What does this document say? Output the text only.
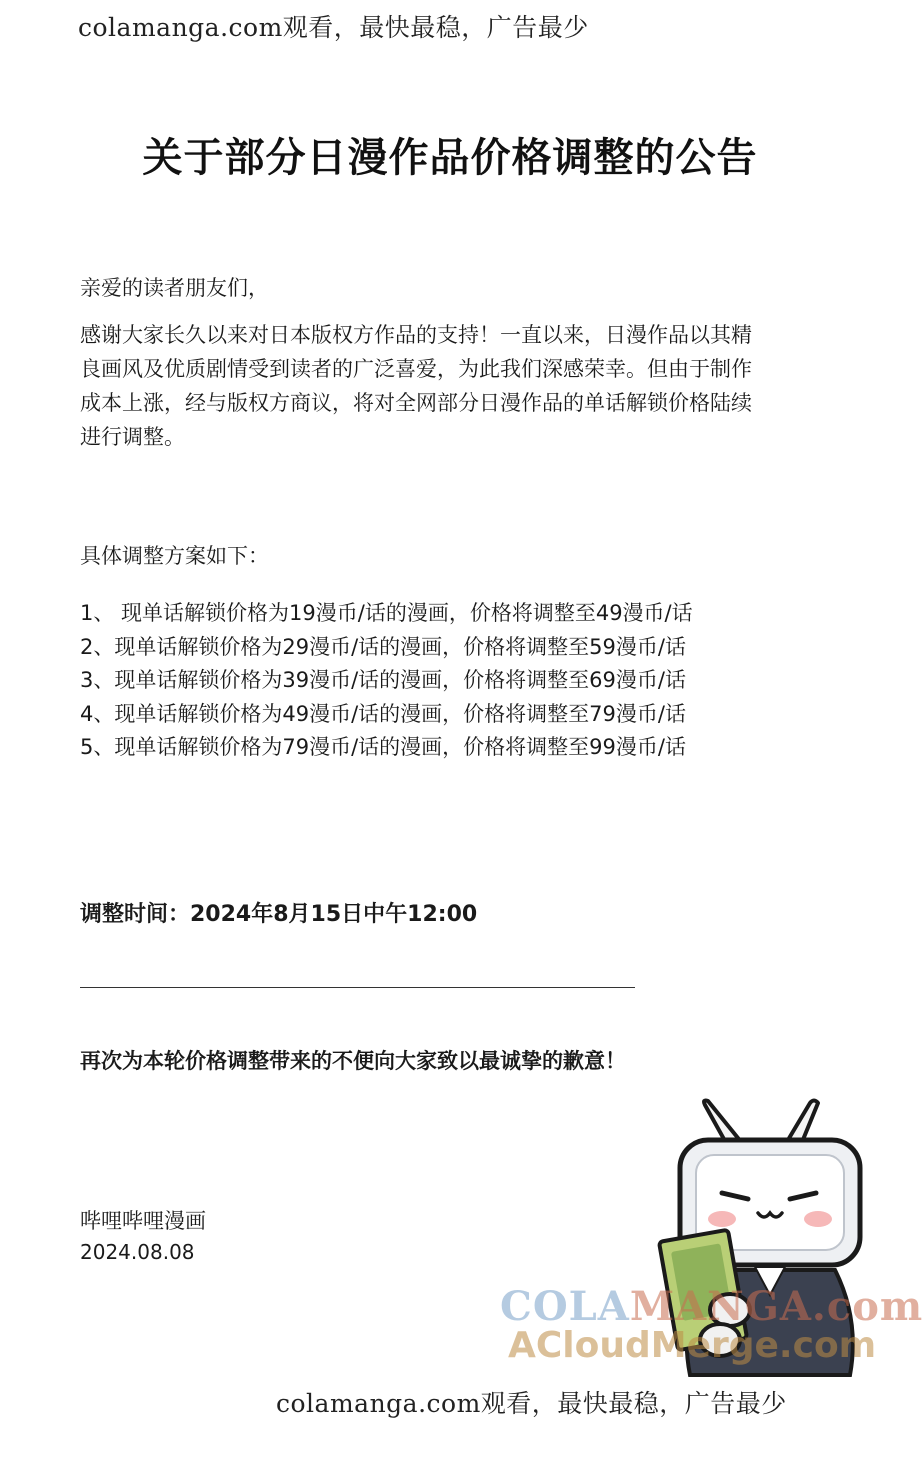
colamanga.com观看，最快最稳，广告最少
关于部分日漫作品价格调整的公告
亲爱的读者朋友们，
感谢大家长久以来对日本版权方作品的支持！一直以来，日漫作品以其精
良画风及优质剧情受到读者的广泛喜爱，为此我们深感荣幸。但由于制作
成本上涨，经与版权方商议，将对全网部分日漫作品的单话解锁价格陆续
进行调整。
具体调整方案如下：
1、 现单话解锁价格为19漫币/话的漫画，价格将调整至49漫币/话
2、现单话解锁价格为29漫币/话的漫画，价格将调整至59漫币/话
3、现单话解锁价格为39漫币/话的漫画，价格将调整至69漫币/话
4、现单话解锁价格为49漫币/话的漫画，价格将调整至79漫币/话
5、现单话解锁价格为79漫币/话的漫画，价格将调整至99漫币/话
调整时间：2024年8月15日中午12:00
再次为本轮价格调整带来的不便向大家致以最诚挚的歉意！
哔哩哔哩漫画
2024.08.08
COLAMANGA.com
ACloudMerge.com
colamanga.com观看，最快最稳，广告最少
